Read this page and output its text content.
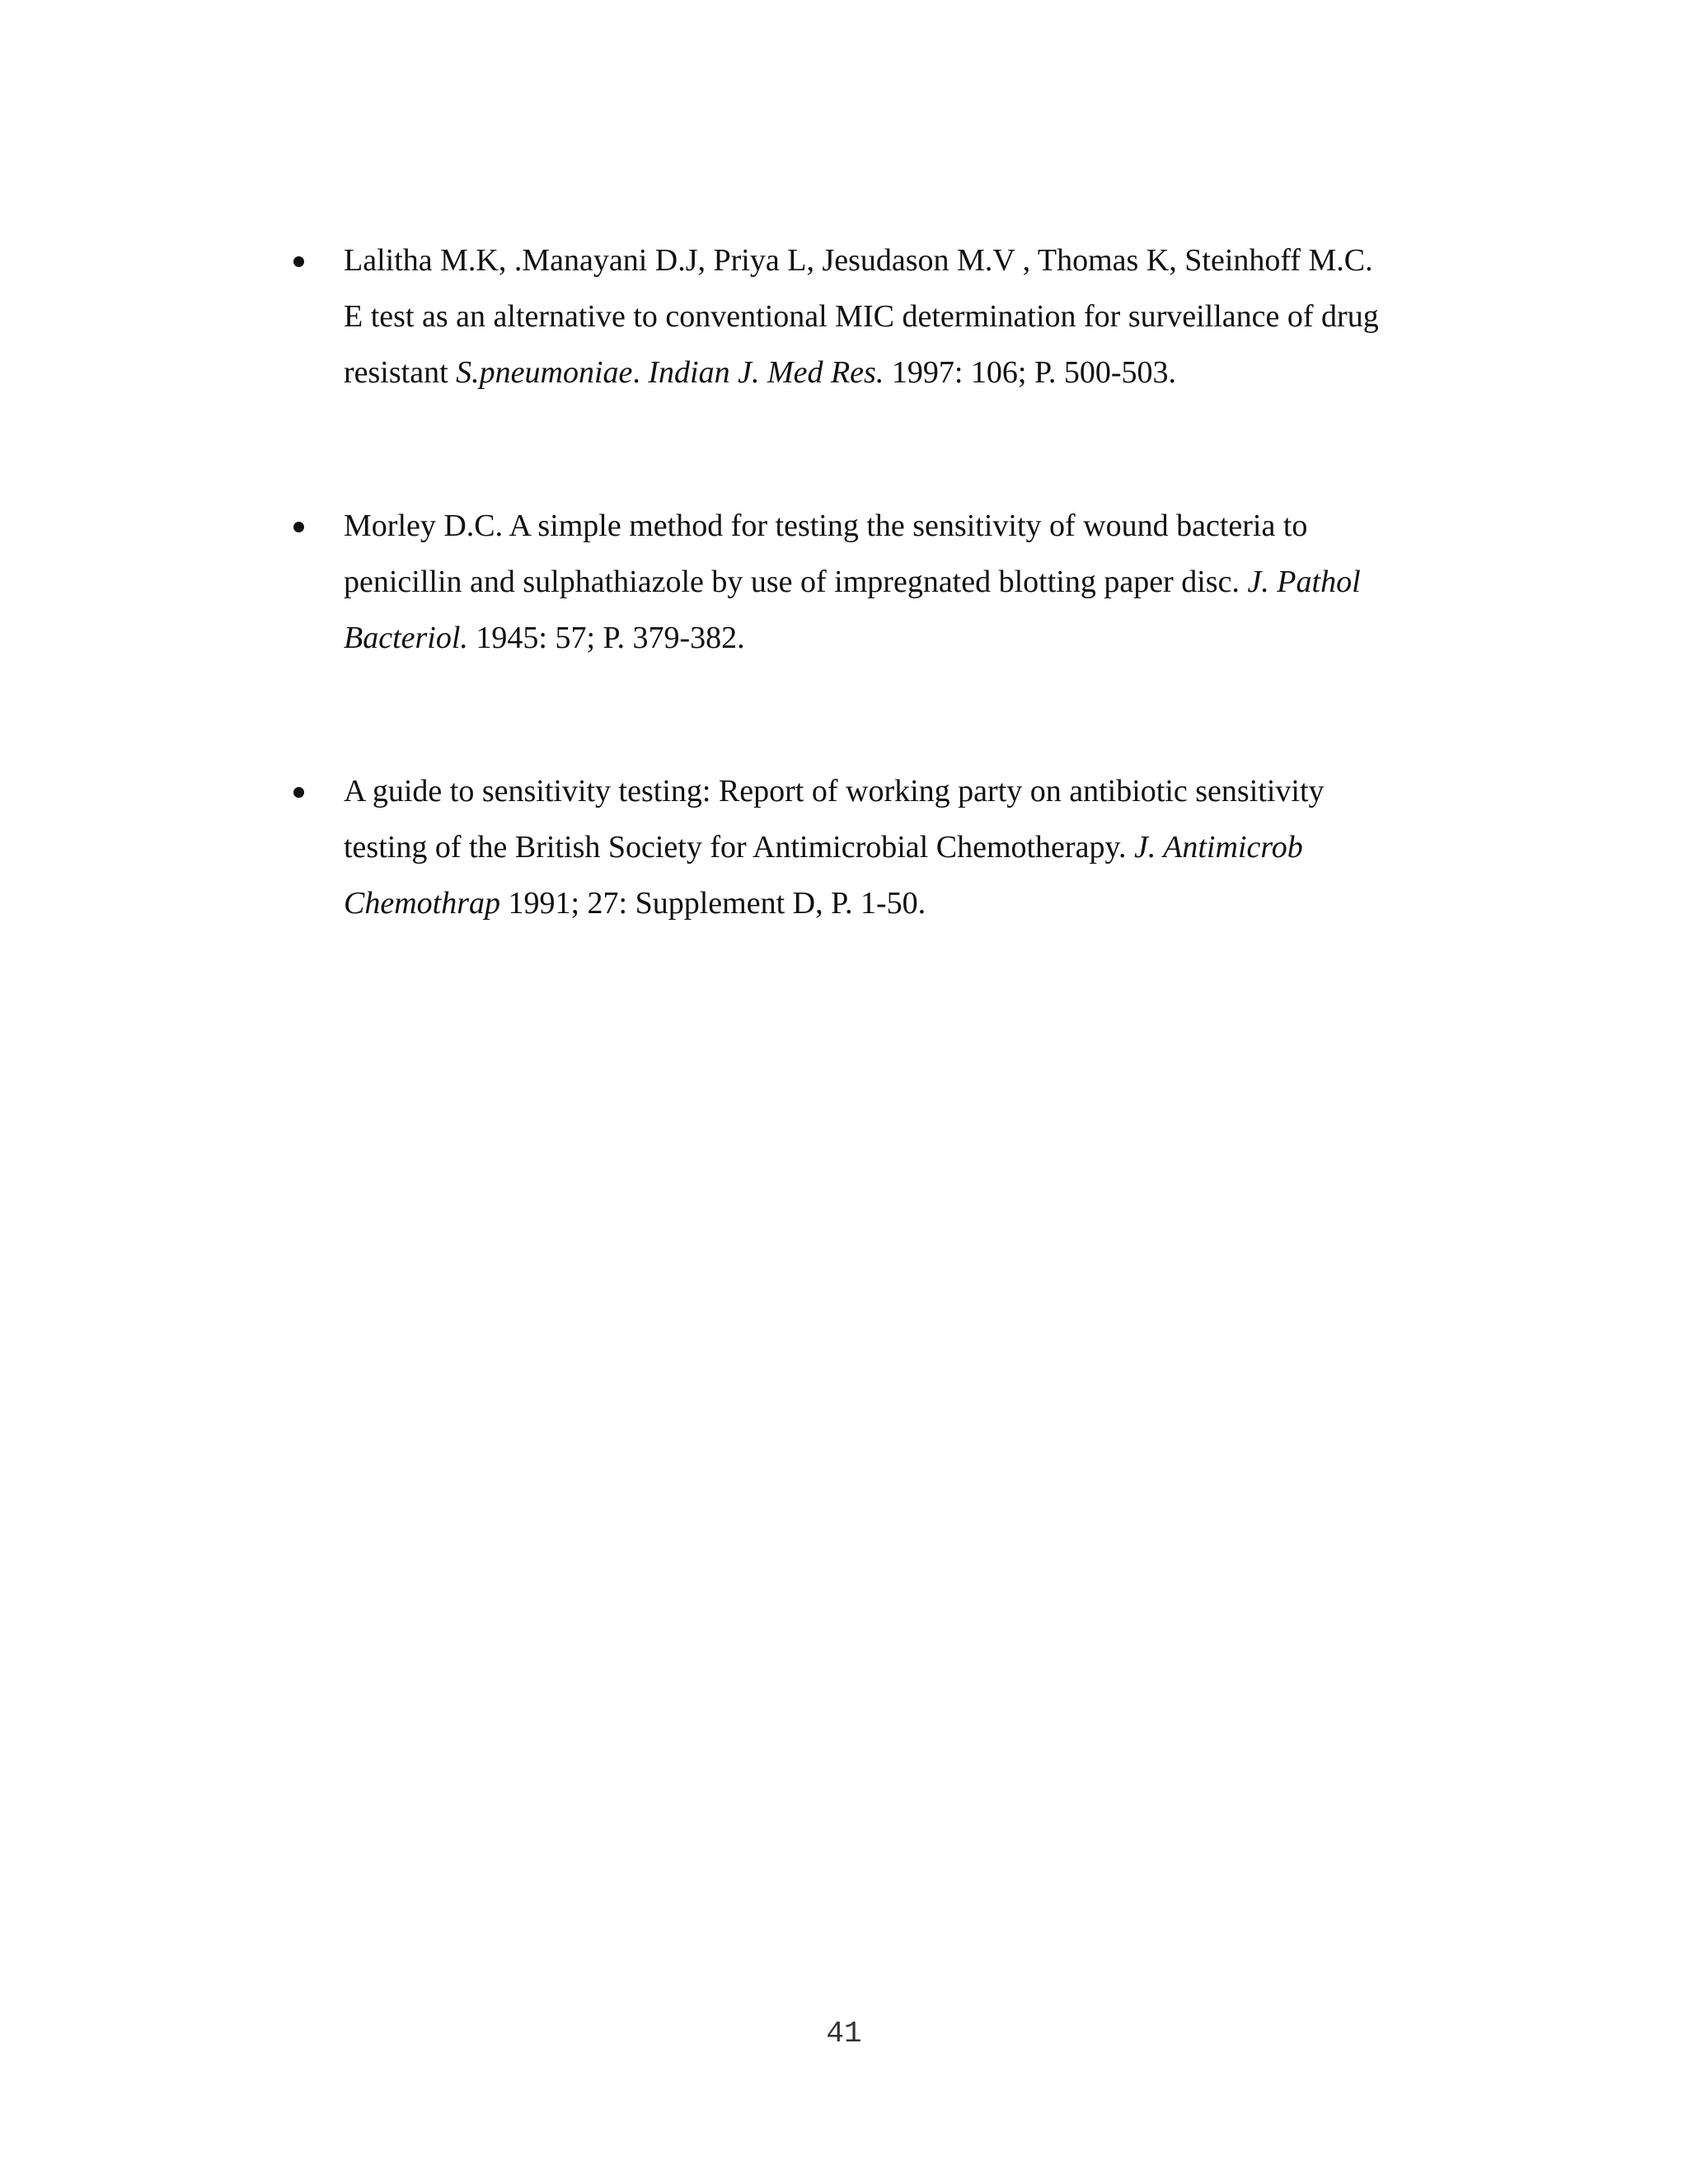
Lalitha M.K, .Manayani D.J, Priya L, Jesudason M.V , Thomas K, Steinhoff M.C.
E test as an alternative to conventional MIC determination for surveillance of drug
resistant S.pneumoniae. Indian J. Med Res. 1997: 106; P. 500-503.
Morley D.C. A simple method for testing the sensitivity of wound bacteria to
penicillin and sulphathiazole by use of impregnated blotting paper disc. J. Pathol Bacteriol. 1945: 57; P. 379-382.
A guide to sensitivity testing: Report of working party on antibiotic sensitivity
testing of the British Society for Antimicrobial Chemotherapy. J. Antimicrob Chemothrap 1991; 27: Supplement D, P. 1-50.
41
